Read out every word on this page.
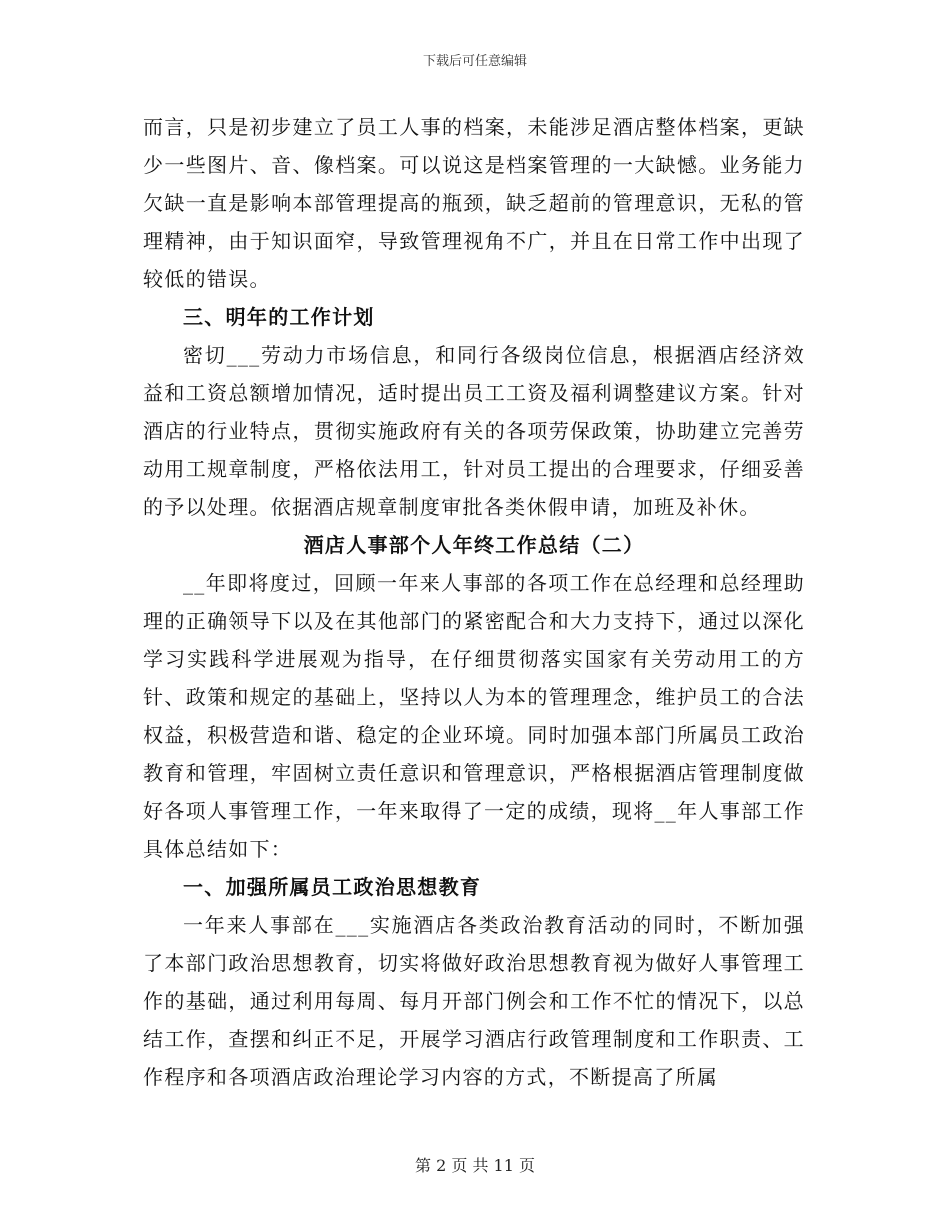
下载后可任意编辑

而言，只是初步建立了员工人事的档案，未能涉足酒店整体档案，更缺少一些图片、音、像档案。可以说这是档案管理的一大缺憾。业务能力欠缺一直是影响本部管理提高的瓶颈，缺乏超前的管理意识，无私的管理精神，由于知识面窄，导致管理视角不广，并且在日常工作中出现了较低的错误。

三、明年的工作计划

密切___劳动力市场信息，和同行各级岗位信息，根据酒店经济效益和工资总额增加情况，适时提出员工工资及福利调整建议方案。针对酒店的行业特点，贯彻实施政府有关的各项劳保政策，协助建立完善劳动用工规章制度，严格依法用工，针对员工提出的合理要求，仔细妥善的予以处理。依据酒店规章制度审批各类休假申请，加班及补休。

酒店人事部个人年终工作总结（二）

__年即将度过，回顾一年来人事部的各项工作在总经理和总经理助理的正确领导下以及在其他部门的紧密配合和大力支持下，通过以深化学习实践科学进展观为指导，在仔细贯彻落实国家有关劳动用工的方针、政策和规定的基础上，坚持以人为本的管理理念，维护员工的合法权益，积极营造和谐、稳定的企业环境。同时加强本部门所属员工政治教育和管理，牢固树立责任意识和管理意识，严格根据酒店管理制度做好各项人事管理工作，一年来取得了一定的成绩，现将__年人事部工作具体总结如下：

一、加强所属员工政治思想教育

一年来人事部在___实施酒店各类政治教育活动的同时，不断加强了本部门政治思想教育，切实将做好政治思想教育视为做好人事管理工作的基础，通过利用每周、每月开部门例会和工作不忙的情况下，以总结工作，查摆和纠正不足，开展学习酒店行政管理制度和工作职责、工作程序和各项酒店政治理论学习内容的方式，不断提高了所属

第 2 页 共 11 页
